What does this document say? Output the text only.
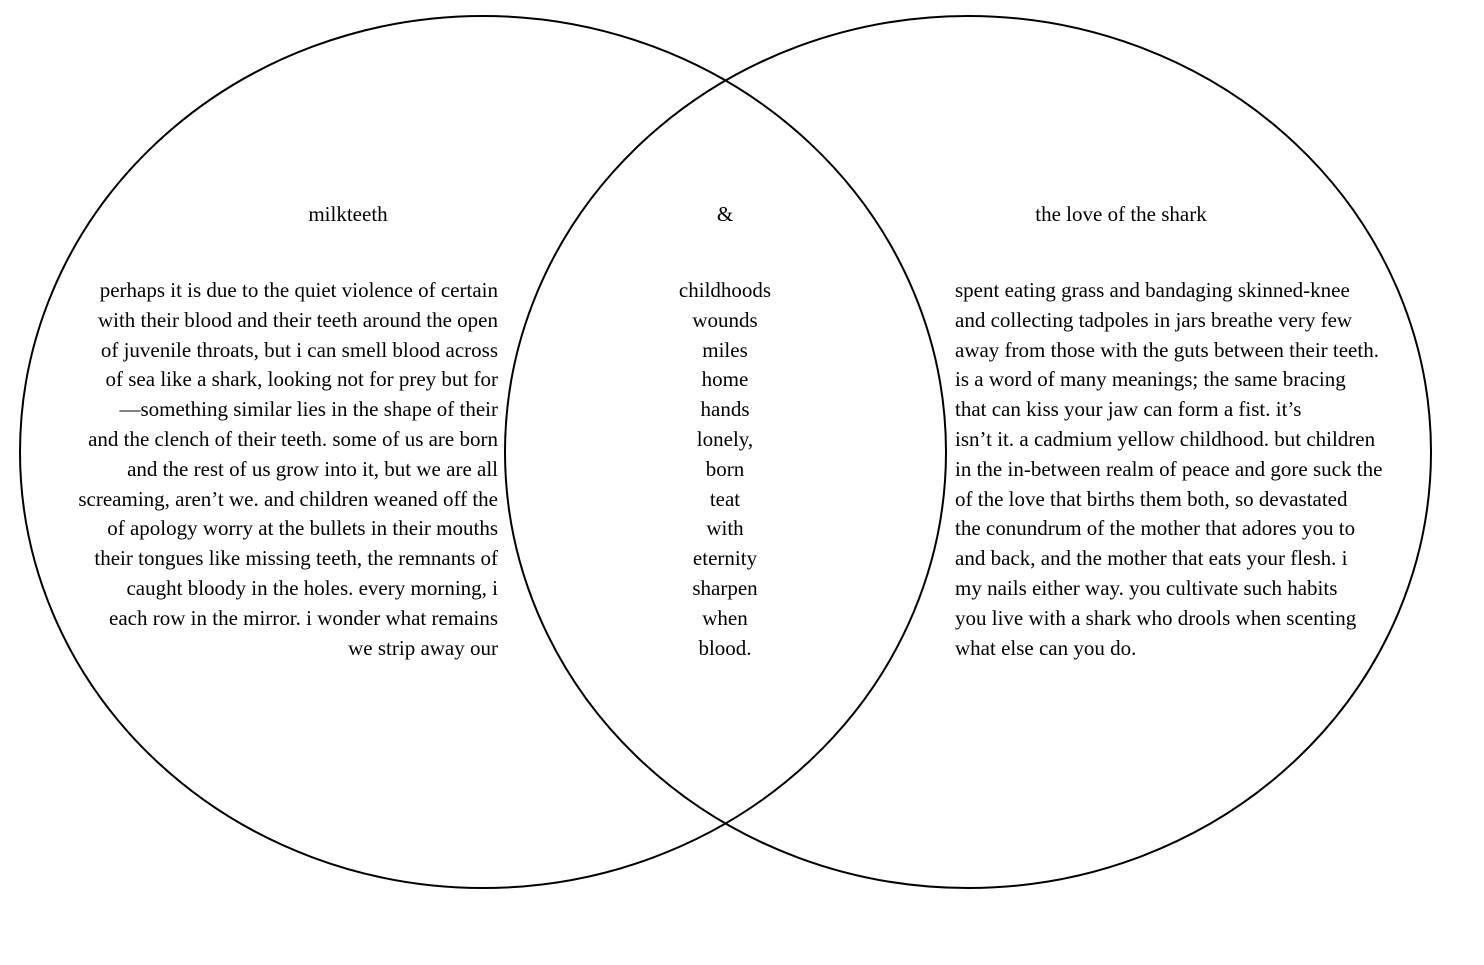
milkteeth	&	the love of the shark
perhaps it is due to the quiet violence of certain
with their blood and their teeth around the open
of juvenile throats, but i can smell blood across
of sea like a shark, looking not for prey but for
—something similar lies in the shape of their
and the clench of their teeth. some of us are born
and the rest of us grow into it, but we are all
screaming, aren’t we. and children weaned off the
of apology worry at the bullets in their mouths
their tongues like missing teeth, the remnants of
caught bloody in the holes. every morning, i
each row in the mirror. i wonder what remains
we strip away our
childhoods
wounds
miles
home
hands
lonely,
born
teat
with
eternity
sharpen
when
blood.
spent eating grass and bandaging skinned-knee
and collecting tadpoles in jars breathe very few
away from those with the guts between their teeth.
is a word of many meanings; the same bracing
that can kiss your jaw can form a fist. it’s
isn’t it. a cadmium yellow childhood. but children
in the in-between realm of peace and gore suck the
of the love that births them both, so devastated
the conundrum of the mother that adores you to
and back, and the mother that eats your flesh. i
my nails either way. you cultivate such habits
you live with a shark who drools when scenting
what else can you do.
